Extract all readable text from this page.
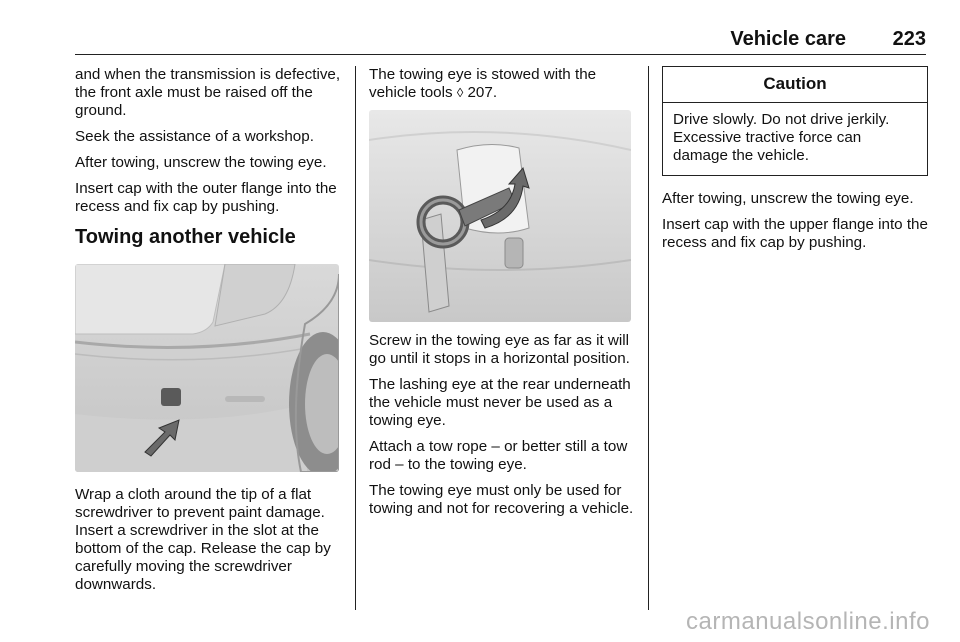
Vehicle care 223

and when the transmission is defective, the front axle must be raised off the ground.

Seek the assistance of a workshop.

After towing, unscrew the towing eye.

Insert cap with the outer flange into the recess and fix cap by pushing.

Towing another vehicle

Wrap a cloth around the tip of a flat screwdriver to prevent paint damage. Insert a screwdriver in the slot at the bottom of the cap. Release the cap by carefully moving the screwdriver downwards.

The towing eye is stowed with the vehicle tools ◊ 207.

Screw in the towing eye as far as it will go until it stops in a horizontal position.

The lashing eye at the rear underneath the vehicle must never be used as a towing eye.

Attach a tow rope – or better still a tow rod – to the towing eye.

The towing eye must only be used for towing and not for recovering a vehicle.

Caution
Drive slowly. Do not drive jerkily. Excessive tractive force can damage the vehicle.

After towing, unscrew the towing eye.

Insert cap with the upper flange into the recess and fix cap by pushing.

carmanualsonline.info
